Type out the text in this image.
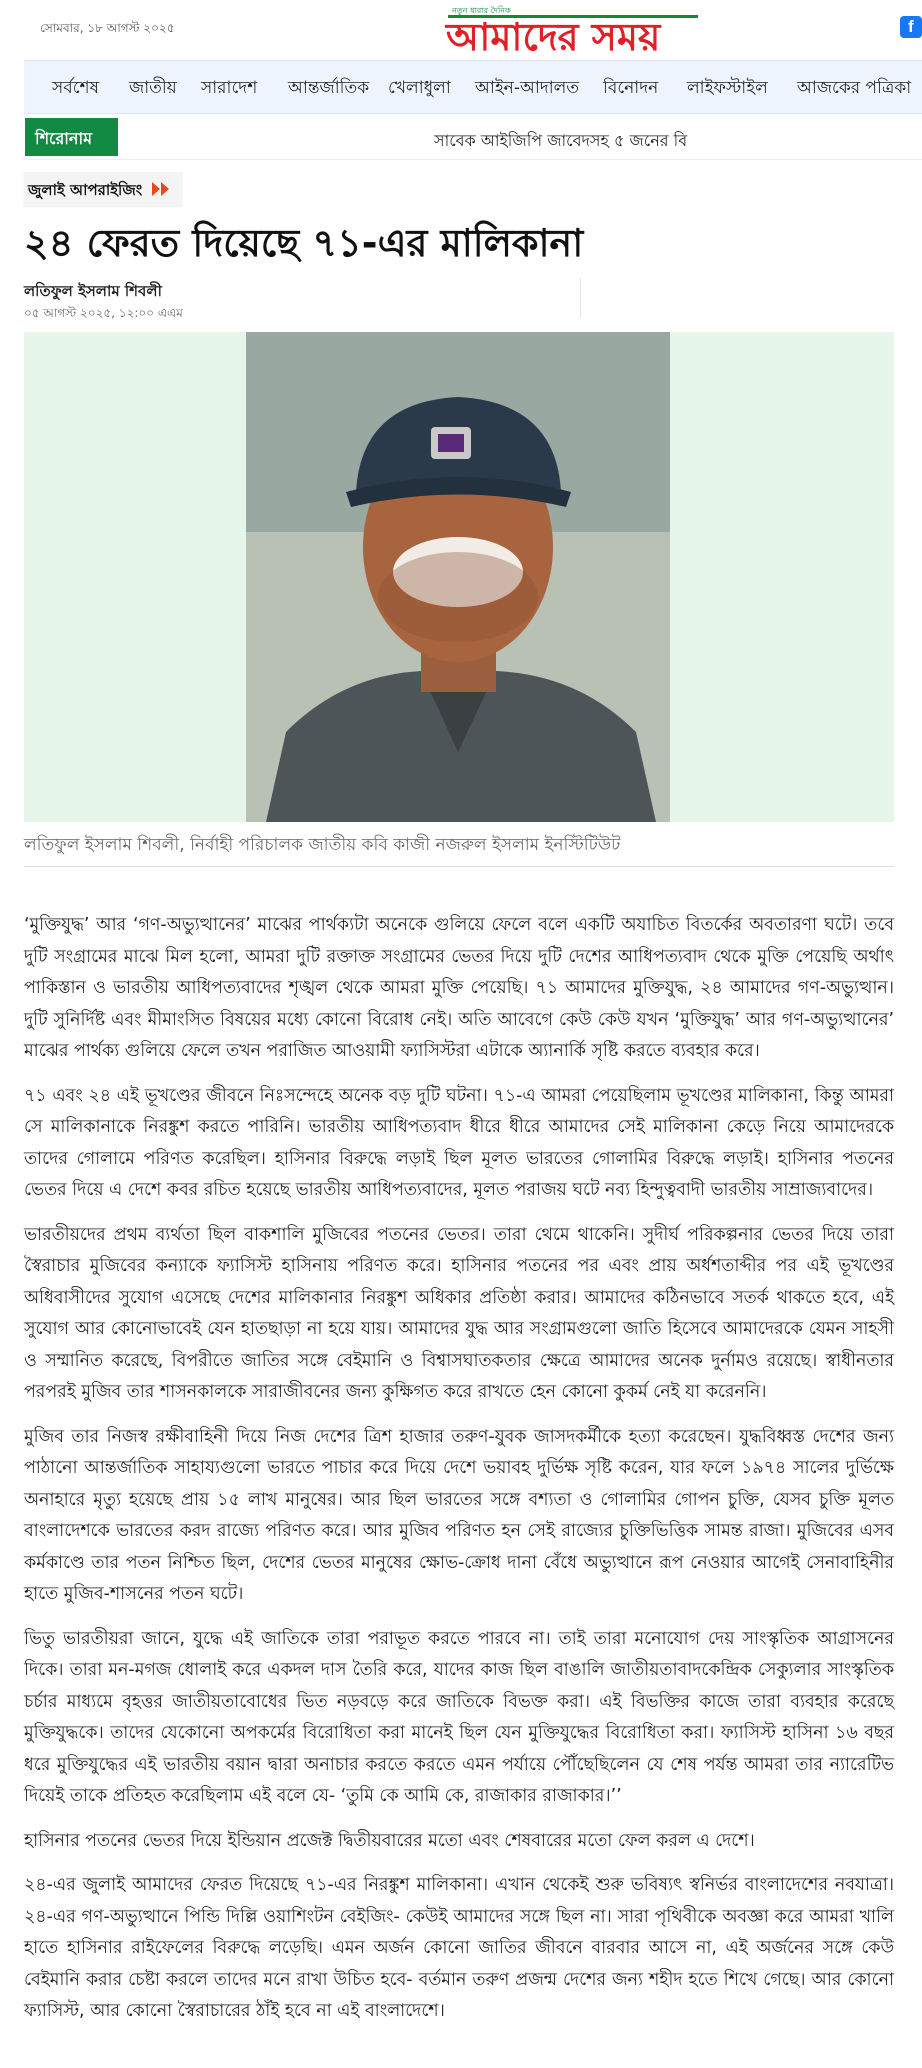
সোমবার, ১৮ আগস্ট ২০২৫
নতুন ধারার দৈনিক
আমাদের সময়	f
সর্বশেষ জাতীয় সারাদেশ আন্তর্জাতিক খেলাধুলা আইন-আদালত বিনোদন লাইফস্টাইল আজকের পত্রিকা
শিরোনাম	সাবেক আইজিপি জাবেদসহ ৫ জনের বি
জুলাই আপরাইজিং
২৪ ফেরত দিয়েছে ৭১-এর মালিকানা
লতিফুল ইসলাম শিবলী
০৫ আগস্ট ২০২৫, ১২:০০ এএম
লতিফুল ইসলাম শিবলী, নির্বাহী পরিচালক জাতীয় কবি কাজী নজরুল ইসলাম ইনস্টিটিউট

‘মুক্তিযুদ্ধ’ আর ‘গণ-অভ্যুত্থানের’ মাঝের পার্থক্যটা অনেকে গুলিয়ে ফেলে বলে একটি অযাচিত বিতর্কের অবতারণা ঘটে। তবে দুটি সংগ্রামের মাঝে মিল হলো, আমরা দুটি রক্তাক্ত সংগ্রামের ভেতর দিয়ে দুটি দেশের আধিপত্যবাদ থেকে মুক্তি পেয়েছি অর্থাৎ পাকিস্তান ও ভারতীয় আধিপত্যবাদের শৃঙ্খল থেকে আমরা মুক্তি পেয়েছি। ৭১ আমাদের মুক্তিযুদ্ধ, ২৪ আমাদের গণ-অভ্যুত্থান। দুটি সুনির্দিষ্ট এবং মীমাংসিত বিষয়ের মধ্যে কোনো বিরোধ নেই। অতি আবেগে কেউ কেউ যখন ‘মুক্তিযুদ্ধ’ আর গণ-অভ্যুত্থানের’ মাঝের পার্থক্য গুলিয়ে ফেলে তখন পরাজিত আওয়ামী ফ্যাসিস্টরা এটাকে অ্যানার্কি সৃষ্টি করতে ব্যবহার করে।

৭১ এবং ২৪ এই ভূখণ্ডের জীবনে নিঃসন্দেহে অনেক বড় দুটি ঘটনা। ৭১-এ আমরা পেয়েছিলাম ভূখণ্ডের মালিকানা, কিন্তু আমরা সে মালিকানাকে নিরঙ্কুশ করতে পারিনি। ভারতীয় আধিপত্যবাদ ধীরে ধীরে আমাদের সেই মালিকানা কেড়ে নিয়ে আমাদেরকে তাদের গোলামে পরিণত করেছিল। হাসিনার বিরুদ্ধে লড়াই ছিল মূলত ভারতের গোলামির বিরুদ্ধে লড়াই। হাসিনার পতনের ভেতর দিয়ে এ দেশে কবর রচিত হয়েছে ভারতীয় আধিপত্যবাদের, মূলত পরাজয় ঘটে নব্য হিন্দুত্ববাদী ভারতীয় সাম্রাজ্যবাদের।

ভারতীয়দের প্রথম ব্যর্থতা ছিল বাকশালি মুজিবের পতনের ভেতর। তারা থেমে থাকেনি। সুদীর্ঘ পরিকল্পনার ভেতর দিয়ে তারা স্বৈরাচার মুজিবের কন্যাকে ফ্যাসিস্ট হাসিনায় পরিণত করে। হাসিনার পতনের পর এবং প্রায় অর্ধশতাব্দীর পর এই ভূখণ্ডের অধিবাসীদের সুযোগ এসেছে দেশের মালিকানার নিরঙ্কুশ অধিকার প্রতিষ্ঠা করার। আমাদের কঠিনভাবে সতর্ক থাকতে হবে, এই সুযোগ আর কোনোভাবেই যেন হাতছাড়া না হয়ে যায়। আমাদের যুদ্ধ আর সংগ্রামগুলো জাতি হিসেবে আমাদেরকে যেমন সাহসী ও সম্মানিত করেছে, বিপরীতে জাতির সঙ্গে বেইমানি ও বিশ্বাসঘাতকতার ক্ষেত্রে আমাদের অনেক দুর্নামও রয়েছে। স্বাধীনতার পরপরই মুজিব তার শাসনকালকে সারাজীবনের জন্য কুক্ষিগত করে রাখতে হেন কোনো কুকর্ম নেই যা করেননি।

মুজিব তার নিজস্ব রক্ষীবাহিনী দিয়ে নিজ দেশের ত্রিশ হাজার তরুণ-যুবক জাসদকর্মীকে হত্যা করেছেন। যুদ্ধবিধ্বস্ত দেশের জন্য পাঠানো আন্তর্জাতিক সাহায্যগুলো ভারতে পাচার করে দিয়ে দেশে ভয়াবহ দুর্ভিক্ষ সৃষ্টি করেন, যার ফলে ১৯৭৪ সালের দুর্ভিক্ষে অনাহারে মৃত্যু হয়েছে প্রায় ১৫ লাখ মানুষের। আর ছিল ভারতের সঙ্গে বশ্যতা ও গোলামির গোপন চুক্তি, যেসব চুক্তি মূলত বাংলাদেশকে ভারতের করদ রাজ্যে পরিণত করে। আর মুজিব পরিণত হন সেই রাজ্যের চুক্তিভিত্তিক সামন্ত রাজা। মুজিবের এসব কর্মকাণ্ডে তার পতন নিশ্চিত ছিল, দেশের ভেতর মানুষের ক্ষোভ-ক্রোধ দানা বেঁধে অভ্যুত্থানে রূপ নেওয়ার আগেই সেনাবাহিনীর হাতে মুজিব-শাসনের পতন ঘটে।

ভিতু ভারতীয়রা জানে, যুদ্ধে এই জাতিকে তারা পরাভূত করতে পারবে না। তাই তারা মনোযোগ দেয় সাংস্কৃতিক আগ্রাসনের দিকে। তারা মন-মগজ ধোলাই করে একদল দাস তৈরি করে, যাদের কাজ ছিল বাঙালি জাতীয়তাবাদকেন্দ্রিক সেক্যুলার সাংস্কৃতিক চর্চার মাধ্যমে বৃহত্তর জাতীয়তাবোধের ভিত নড়বড়ে করে জাতিকে বিভক্ত করা। এই বিভক্তির কাজে তারা ব্যবহার করেছে মুক্তিযুদ্ধকে। তাদের যেকোনো অপকর্মের বিরোধিতা করা মানেই ছিল যেন মুক্তিযুদ্ধের বিরোধিতা করা। ফ্যাসিস্ট হাসিনা ১৬ বছর ধরে মুক্তিযুদ্ধের এই ভারতীয় বয়ান দ্বারা অনাচার করতে করতে এমন পর্যায়ে পৌঁছেছিলেন যে শেষ পর্যন্ত আমরা তার ন্যারেটিভ দিয়েই তাকে প্রতিহত করেছিলাম এই বলে যে- ‘তুমি কে আমি কে, রাজাকার রাজাকার।’’

হাসিনার পতনের ভেতর দিয়ে ইন্ডিয়ান প্রজেক্ট দ্বিতীয়বারের মতো এবং শেষবারের মতো ফেল করল এ দেশে।

২৪-এর জুলাই আমাদের ফেরত দিয়েছে ৭১-এর নিরঙ্কুশ মালিকানা। এখান থেকেই শুরু ভবিষ্যৎ স্বনির্ভর বাংলাদেশের নবযাত্রা। ২৪-এর গণ-অভ্যুত্থানে পিন্ডি দিল্লি ওয়াশিংটন বেইজিং- কেউই আমাদের সঙ্গে ছিল না। সারা পৃথিবীকে অবজ্ঞা করে আমরা খালি হাতে হাসিনার রাইফেলের বিরুদ্ধে লড়েছি। এমন অর্জন কোনো জাতির জীবনে বারবার আসে না, এই অর্জনের সঙ্গে কেউ বেইমানি করার চেষ্টা করলে তাদের মনে রাখা উচিত হবে- বর্তমান তরুণ প্রজন্ম দেশের জন্য শহীদ হতে শিখে গেছে। আর কোনো ফ্যাসিস্ট, আর কোনো স্বৈরাচারের ঠাঁই হবে না এই বাংলাদেশে।
